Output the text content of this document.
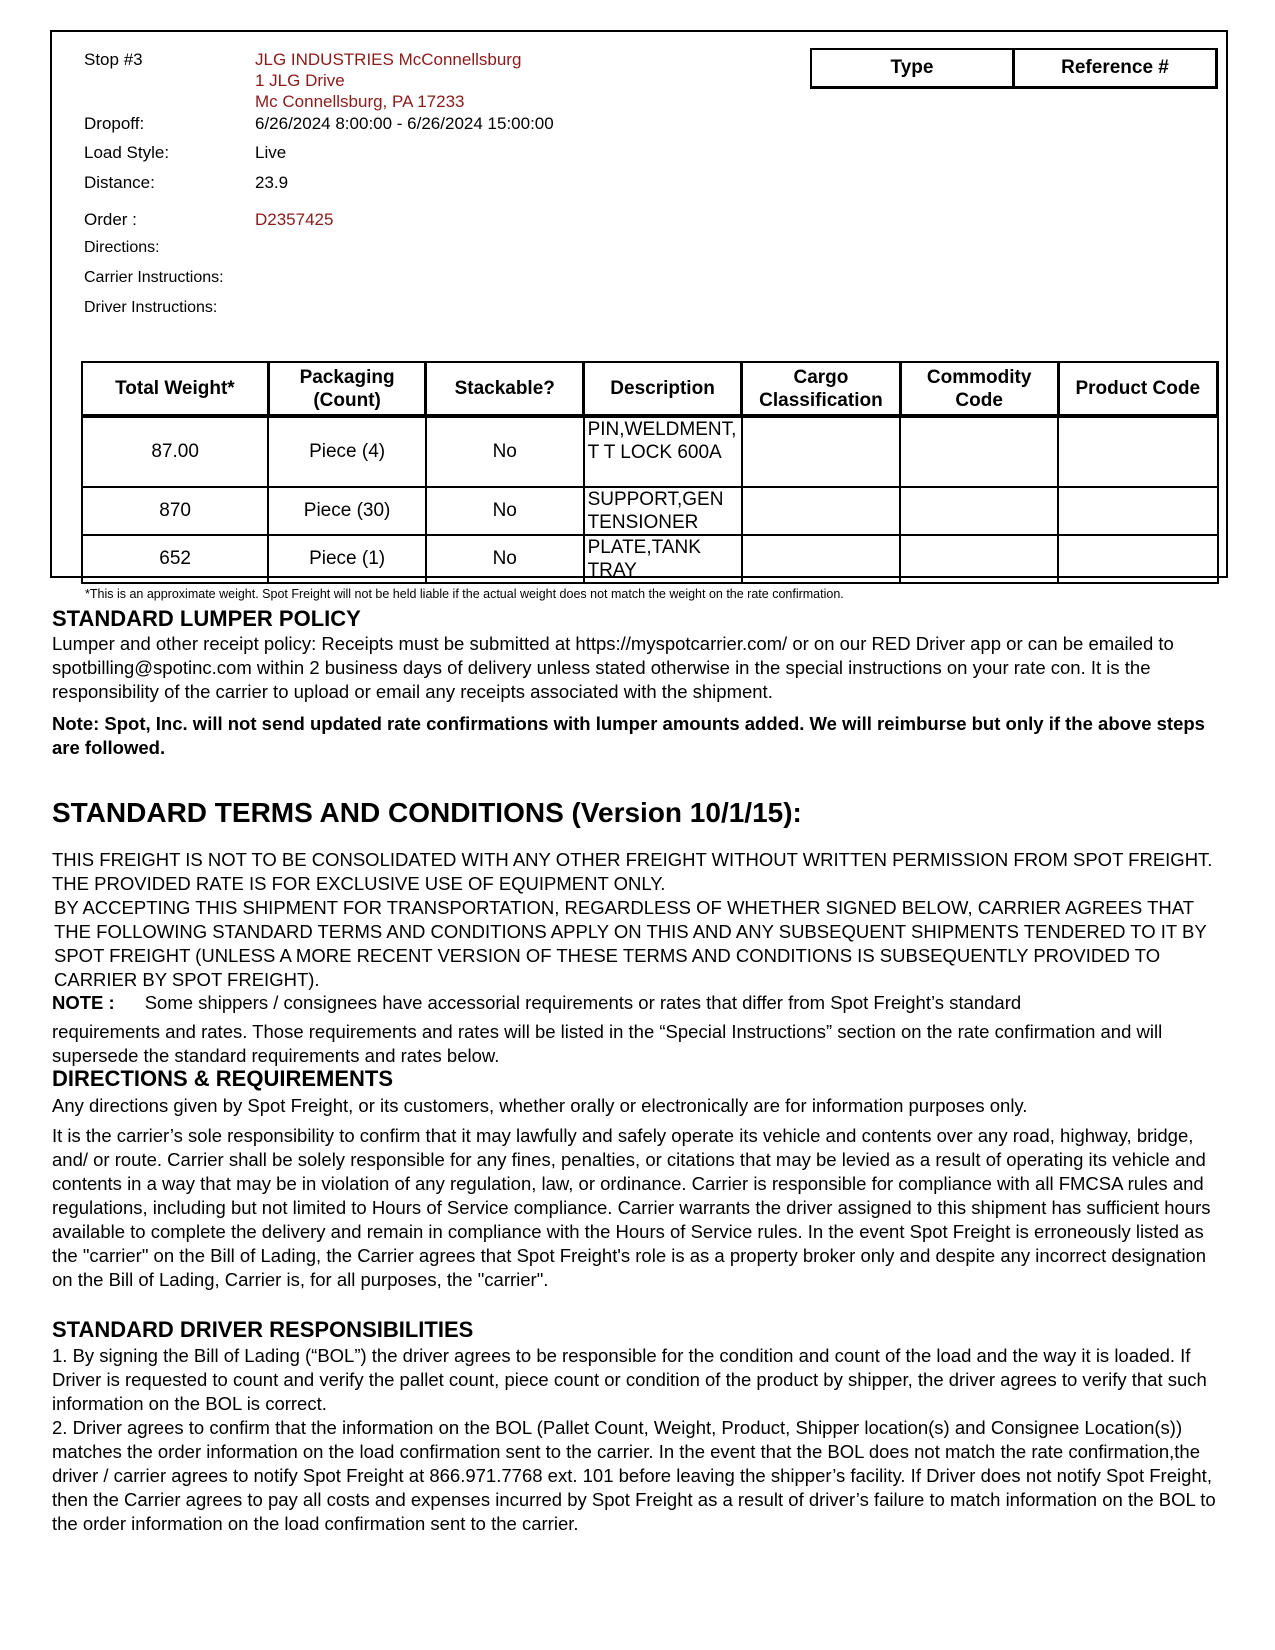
Stop #3	JLG INDUSTRIES McConnellsburg
1 JLG Drive
Mc Connellsburg, PA 17233
Dropoff:	6/26/2024 8:00:00 - 6/26/2024 15:00:00
Load Style:	Live
Distance:	23.9
Order :	D2357425
Directions:
Carrier Instructions:
Driver Instructions:
Type	Reference #
Total Weight*	Packaging (Count)	Stackable?	Description	Cargo Classification	Commodity Code	Product Code
87.00	Piece (4)	No	PIN,WELDMENT, T T LOCK 600A			
870	Piece (30)	No	SUPPORT,GEN TENSIONER			
652	Piece (1)	No	PLATE,TANK TRAY			
*This is an approximate weight. Spot Freight will not be held liable if the actual weight does not match the weight on the rate confirmation.
STANDARD LUMPER POLICY
Lumper and other receipt policy: Receipts must be submitted at https://myspotcarrier.com/ or on our RED Driver app or can be emailed to spotbilling@spotinc.com within 2 business days of delivery unless stated otherwise in the special instructions on your rate con. It is the responsibility of the carrier to upload or email any receipts associated with the shipment.
Note: Spot, Inc. will not send updated rate confirmations with lumper amounts added. We will reimburse but only if the above steps are followed.
STANDARD TERMS AND CONDITIONS (Version 10/1/15):
THIS FREIGHT IS NOT TO BE CONSOLIDATED WITH ANY OTHER FREIGHT WITHOUT WRITTEN PERMISSION FROM SPOT FREIGHT. THE PROVIDED RATE IS FOR EXCLUSIVE USE OF EQUIPMENT ONLY.
BY ACCEPTING THIS SHIPMENT FOR TRANSPORTATION, REGARDLESS OF WHETHER SIGNED BELOW, CARRIER AGREES THAT THE FOLLOWING STANDARD TERMS AND CONDITIONS APPLY ON THIS AND ANY SUBSEQUENT SHIPMENTS TENDERED TO IT BY SPOT FREIGHT (UNLESS A MORE RECENT VERSION OF THESE TERMS AND CONDITIONS IS SUBSEQUENTLY PROVIDED TO CARRIER BY SPOT FREIGHT).
NOTE : Some shippers / consignees have accessorial requirements or rates that differ from Spot Freight’s standard
requirements and rates. Those requirements and rates will be listed in the “Special Instructions” section on the rate confirmation and will supersede the standard requirements and rates below.
DIRECTIONS & REQUIREMENTS
Any directions given by Spot Freight, or its customers, whether orally or electronically are for information purposes only.
It is the carrier’s sole responsibility to confirm that it may lawfully and safely operate its vehicle and contents over any road, highway, bridge, and/ or route. Carrier shall be solely responsible for any fines, penalties, or citations that may be levied as a result of operating its vehicle and contents in a way that may be in violation of any regulation, law, or ordinance. Carrier is responsible for compliance with all FMCSA rules and regulations, including but not limited to Hours of Service compliance. Carrier warrants the driver assigned to this shipment has sufficient hours available to complete the delivery and remain in compliance with the Hours of Service rules. In the event Spot Freight is erroneously listed as the "carrier" on the Bill of Lading, the Carrier agrees that Spot Freight's role is as a property broker only and despite any incorrect designation on the Bill of Lading, Carrier is, for all purposes, the "carrier".
STANDARD DRIVER RESPONSIBILITIES
1. By signing the Bill of Lading (“BOL”) the driver agrees to be responsible for the condition and count of the load and the way it is loaded. If Driver is requested to count and verify the pallet count, piece count or condition of the product by shipper, the driver agrees to verify that such information on the BOL is correct.
2. Driver agrees to confirm that the information on the BOL (Pallet Count, Weight, Product, Shipper location(s) and Consignee Location(s)) matches the order information on the load confirmation sent to the carrier. In the event that the BOL does not match the rate confirmation,the driver / carrier agrees to notify Spot Freight at 866.971.7768 ext. 101 before leaving the shipper’s facility. If Driver does not notify Spot Freight, then the Carrier agrees to pay all costs and expenses incurred by Spot Freight as a result of driver’s failure to match information on the BOL to the order information on the load confirmation sent to the carrier.
